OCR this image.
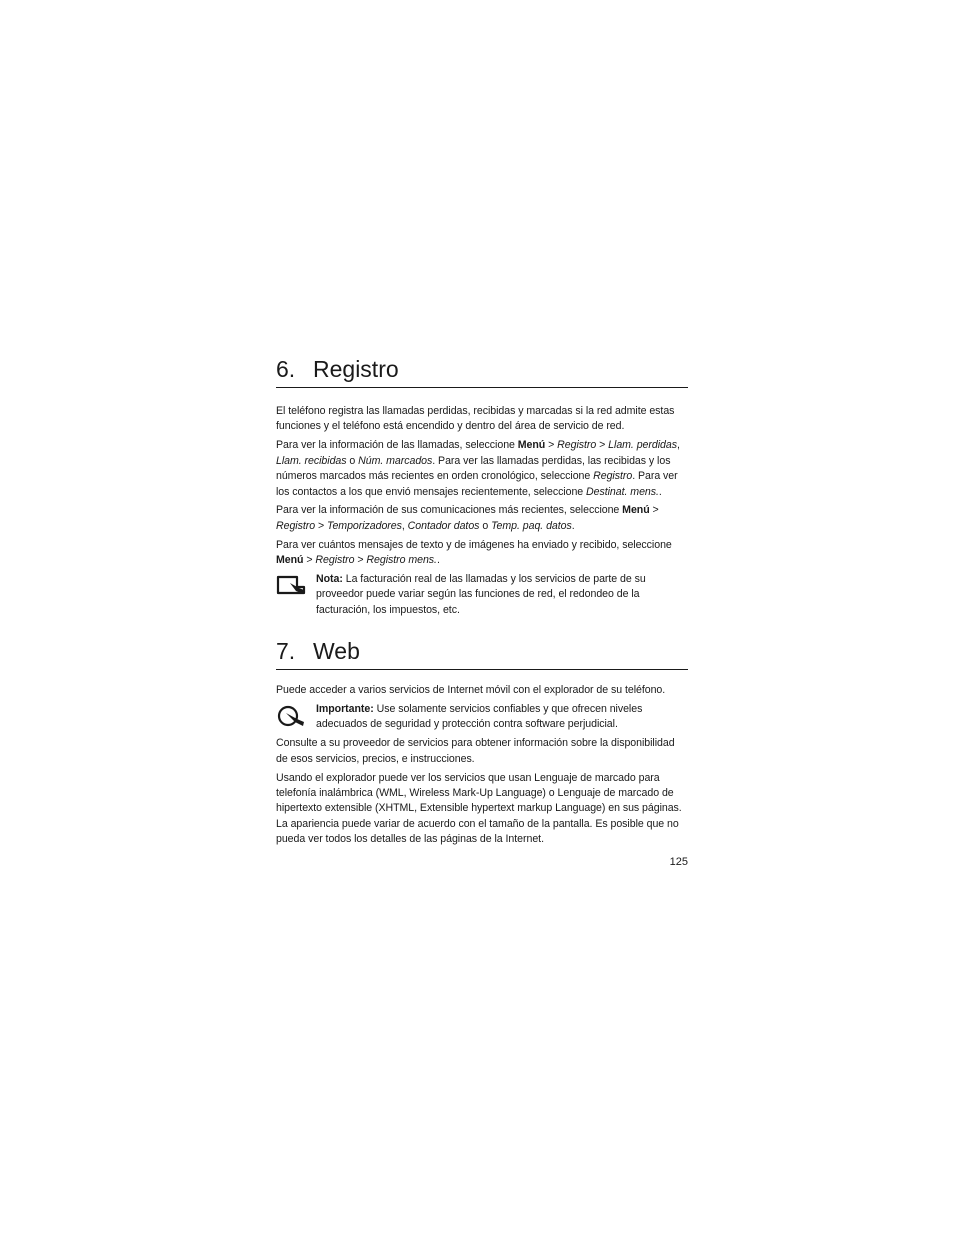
6. Registro

El teléfono registra las llamadas perdidas, recibidas y marcadas si la red admite estas funciones y el teléfono está encendido y dentro del área de servicio de red.

Para ver la información de las llamadas, seleccione Menú > Registro > Llam. perdidas, Llam. recibidas o Núm. marcados. Para ver las llamadas perdidas, las recibidas y los números marcados más recientes en orden cronológico, seleccione Registro. Para ver los contactos a los que envió mensajes recientemente, seleccione Destinat. mens..

Para ver la información de sus comunicaciones más recientes, seleccione Menú > Registro > Temporizadores, Contador datos o Temp. paq. datos.

Para ver cuántos mensajes de texto y de imágenes ha enviado y recibido, seleccione Menú > Registro > Registro mens..

Nota: La facturación real de las llamadas y los servicios de parte de su proveedor puede variar según las funciones de red, el redondeo de la facturación, los impuestos, etc.

7. Web

Puede acceder a varios servicios de Internet móvil con el explorador de su teléfono.

Importante: Use solamente servicios confiables y que ofrecen niveles adecuados de seguridad y protección contra software perjudicial.

Consulte a su proveedor de servicios para obtener información sobre la disponibilidad de esos servicios, precios, e instrucciones.

Usando el explorador puede ver los servicios que usan Lenguaje de marcado para telefonía inalámbrica (WML, Wireless Mark-Up Language) o Lenguaje de marcado de hipertexto extensible (XHTML, Extensible hypertext markup Language) en sus páginas. La apariencia puede variar de acuerdo con el tamaño de la pantalla. Es posible que no pueda ver todos los detalles de las páginas de la Internet.

125
